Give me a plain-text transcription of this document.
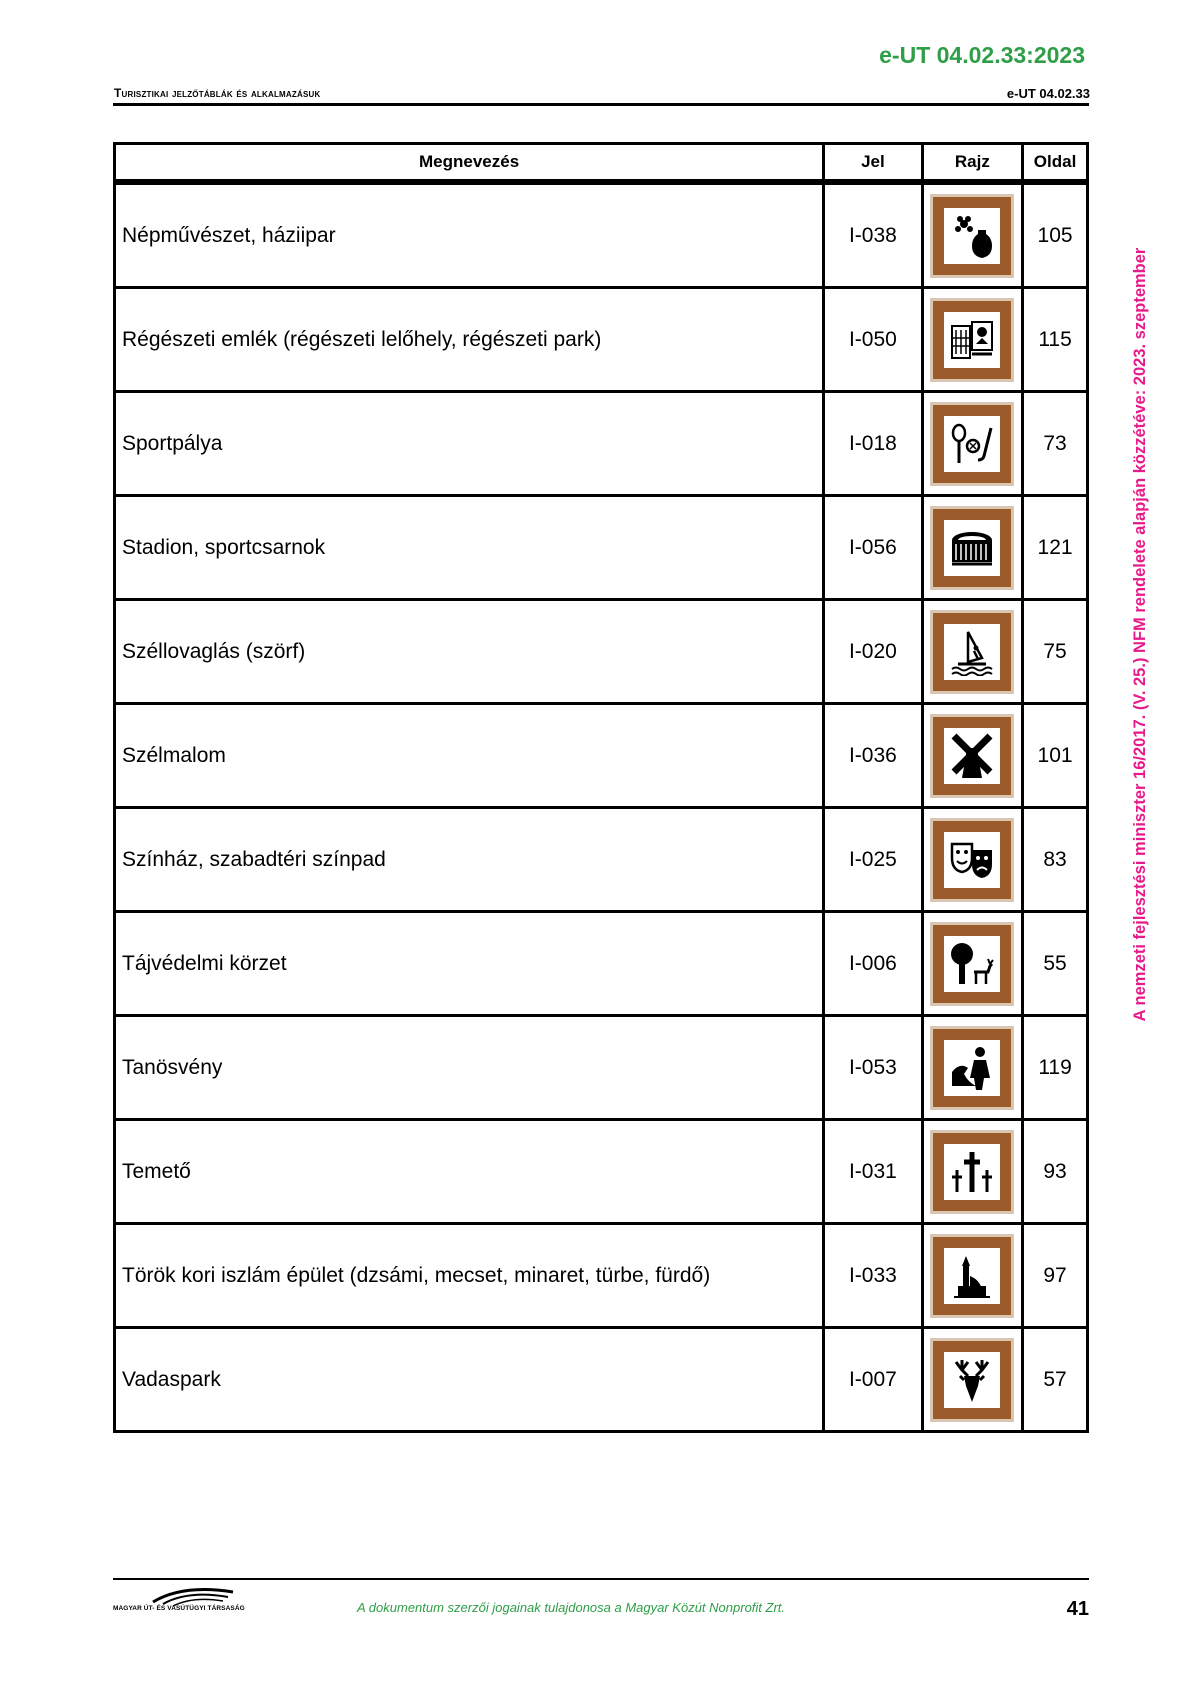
e-UT 04.02.33:2023
Turisztikai jelzőtáblák és alkalmazásuk	e-UT 04.02.33
A nemzeti fejlesztési miniszter 16/2017. (V. 25.) NFM rendelete alapján közzétéve: 2023. szeptember
Megnevezés	Jel	Rajz	Oldal
Népművészet, háziipar	I-038		105
Régészeti emlék (régészeti lelőhely, régészeti park)	I-050		115
Sportpálya	I-018		73
Stadion, sportcsarnok	I-056		121
Széllovaglás (szörf)	I-020		75
Szélmalom	I-036		101
Színház, szabadtéri színpad	I-025		83
Tájvédelmi körzet	I-006		55
Tanösvény	I-053		119
Temető	I-031		93
Török kori iszlám épület (dzsámi, mecset, minaret, türbe, fürdő)	I-033		97
Vadaspark	I-007		57
MAGYAR ÚT- ÉS VASÚTÜGYI TÁRSASÁG	A dokumentum szerzői jogainak tulajdonosa a Magyar Közút Nonprofit Zrt.	41
